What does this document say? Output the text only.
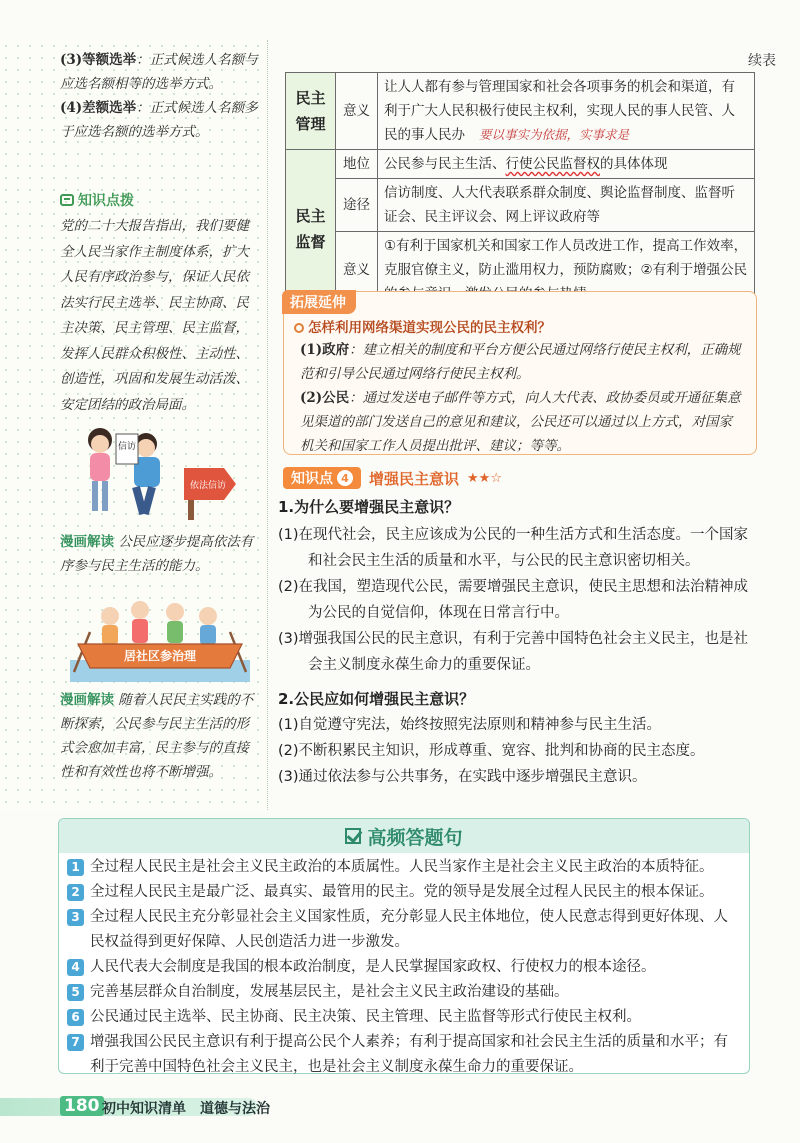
(3)等额选举：正式候选人名额与应选名额相等的选举方式。
(4)差额选举：正式候选人名额多于应选名额的选举方式。
知识点拨
党的二十大报告指出，我们要健全人民当家作主制度体系，扩大人民有序政治参与，保证人民依法实行民主选举、民主协商、民主决策、民主管理、民主监督，发挥人民群众积极性、主动性、创造性，巩固和发展生动活泼、安定团结的政治局面。
信访
依法信访
漫画解读 公民应逐步提高依法有序参与民主生活的能力。
居社区参治理
漫画解读 随着人民民主实践的不断探索，公民参与民主生活的形式会愈加丰富，民主参与的直接性和有效性也将不断增强。
续表
民主管理	意义	让人人都有参与管理国家和社会各项事务的机会和渠道，有利于广大人民积极行使民主权利，实现人民的事人民管、人民的事人民办 要以事实为依据，实事求是
民主监督	地位	公民参与民主生活、行使公民监督权的具体体现
	途径	信访制度、人大代表联系群众制度、舆论监督制度、监督听证会、民主评议会、网上评议政府等
	意义	①有利于国家机关和国家工作人员改进工作，提高工作效率，克服官僚主义，防止滥用权力，预防腐败；②有利于增强公民
拓展延伸
怎样利用网络渠道实现公民的民主权利？

(1)政府：建立相关的制度和平台方便公民通过网络行使民主权利，正确规范和引导公民通过网络行使民主权利。

(2)公民：通过发送电子邮件等方式，向人大代表、政协委员或开通征集意见渠道的部门发送自己的意见和建议，公民还可以通过以上方式，对国家机关和国家工作人员提出批评、建议；等等。

知识点 4 增强民主意识 ★★☆
1.为什么要增强民主意识？
(1)在现代社会，民主应该成为公民的一种生活方式和生活态度。一个国家和社会民主生活的质量和水平，与公民的民主意识密切相关。
(2)在我国，塑造现代公民，需要增强民主意识，使民主思想和法治精神成为公民的自觉信仰，体现在日常言行中。
(3)增强我国公民的民主意识，有利于完善中国特色社会主义民主，也是社会主义制度永葆生命力的重要保证。
2.公民应如何增强民主意识？
(1)自觉遵守宪法，始终按照宪法原则和精神参与民主生活。
(2)不断积累民主知识，形成尊重、宽容、批判和协商的民主态度。
(3)通过依法参与公共事务，在实践中逐步增强民主意识。
高频答题句
1 全过程人民民主是社会主义民主政治的本质属性。人民当家作主是社会主义民主政治的本质特征。
2 全过程人民民主是最广泛、最真实、最管用的民主。党的领导是发展全过程人民民主的根本保证。
3 全过程人民民主充分彰显社会主义国家性质，充分彰显人民主体地位，使人民意志得到更好体现、人民权益得到更好保障、人民创造活力进一步激发。
4 人民代表大会制度是我国的根本政治制度，是人民掌握国家政权、行使权力的根本途径。
5 完善基层群众自治制度，发展基层民主，是社会主义民主政治建设的基础。
6 公民通过民主选举、民主协商、民主决策、民主管理、民主监督等形式行使民主权利。
7 增强我国公民民主意识有利于提高公民个人素养；有利于提高国家和社会民主生活的质量和水平；有利于完善中国特色社会主义民主，也是社会主义制度永葆生命力的重要保证。
180 初中知识清单　道德与法治
